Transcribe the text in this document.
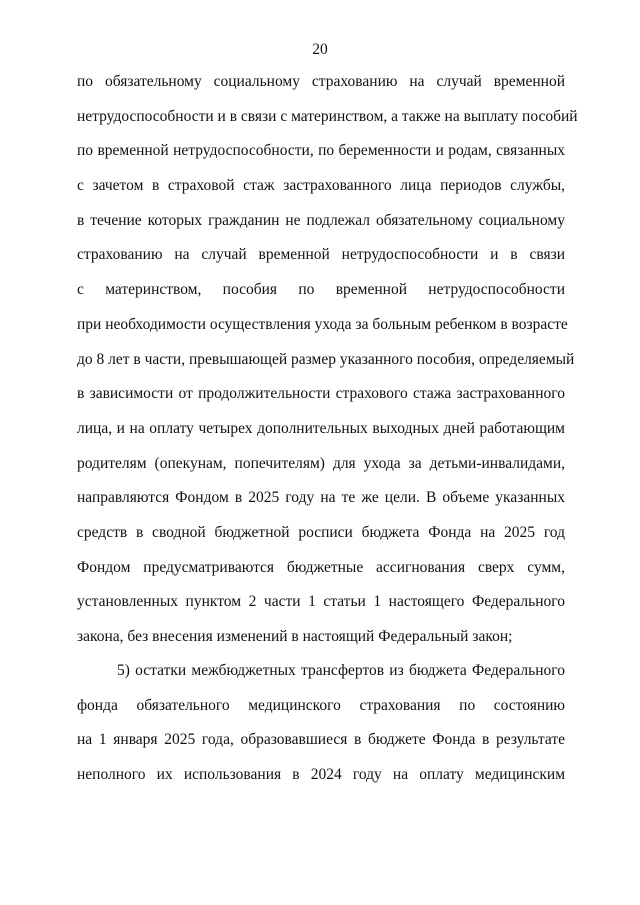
20
по обязательному социальному страхованию на случай временной
нетрудоспособности и в связи с материнством, а также на выплату пособий
по временной нетрудоспособности, по беременности и родам, связанных
с зачетом в страховой стаж застрахованного лица периодов службы,
в течение которых гражданин не подлежал обязательному социальному
страхованию на случай временной нетрудоспособности и в связи
с материнством, пособия по временной нетрудоспособности
при необходимости осуществления ухода за больным ребенком в возрасте
до 8 лет в части, превышающей размер указанного пособия, определяемый
в зависимости от продолжительности страхового стажа застрахованного
лица, и на оплату четырех дополнительных выходных дней работающим
родителям (опекунам, попечителям) для ухода за детьми-инвалидами,
направляются Фондом в 2025 году на те же цели. В объеме указанных
средств в сводной бюджетной росписи бюджета Фонда на 2025 год
Фондом предусматриваются бюджетные ассигнования сверх сумм,
установленных пунктом 2 части 1 статьи 1 настоящего Федерального
закона, без внесения изменений в настоящий Федеральный закон;
5) остатки межбюджетных трансфертов из бюджета Федерального
фонда обязательного медицинского страхования по состоянию
на 1 января 2025 года, образовавшиеся в бюджете Фонда в результате
неполного их использования в 2024 году на оплату медицинским
